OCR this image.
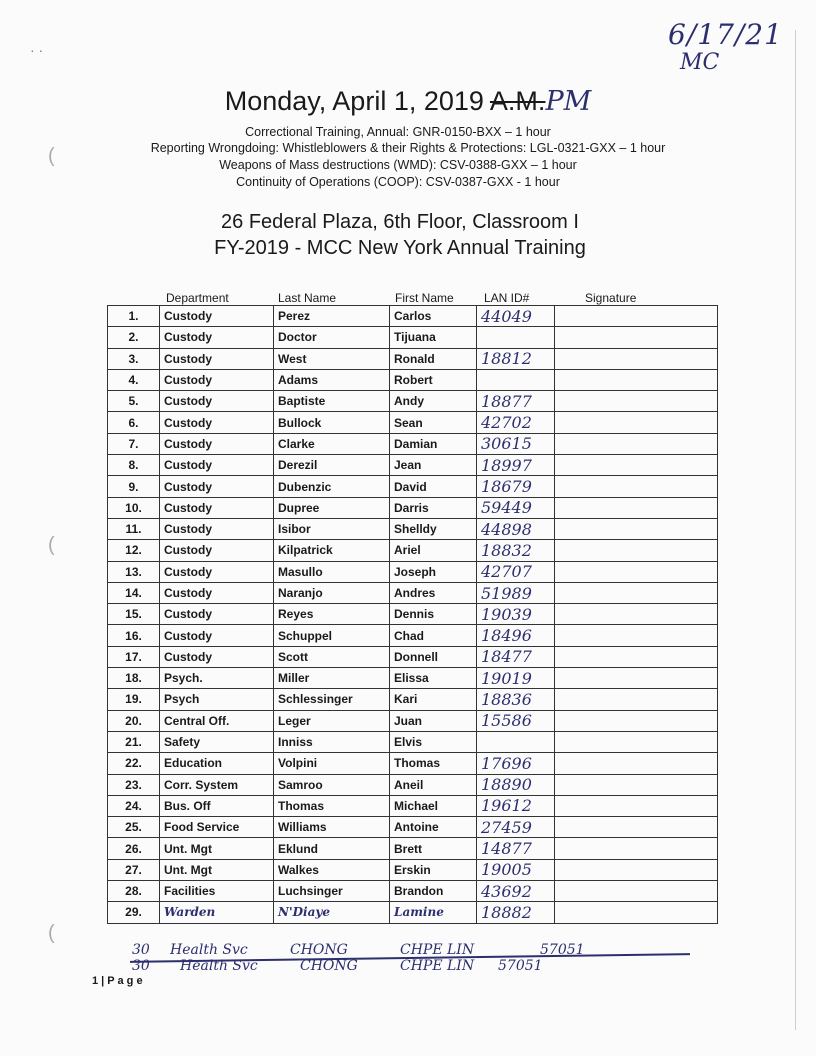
· ·	6/17/21
MC
Monday, April 1, 2019 A.M.PM
Correctional Training, Annual: GNR-0150-BXX – 1 hour
Reporting Wrongdoing: Whistleblowers & their Rights & Protections: LGL-0321-GXX – 1 hour
Weapons of Mass destructions (WMD): CSV-0388-GXX – 1 hour
Continuity of Operations (COOP): CSV-0387-GXX - 1 hour
26 Federal Plaza, 6th Floor, Classroom I
FY-2019 - MCC New York Annual Training
Department	Last Name	First Name	LAN ID#	Signature
1.	Custody	Perez	Carlos	44049	
2.	Custody	Doctor	Tijuana		
3.	Custody	West	Ronald	18812	
4.	Custody	Adams	Robert		
5.	Custody	Baptiste	Andy	18877	
6.	Custody	Bullock	Sean	42702	
7.	Custody	Clarke	Damian	30615	
8.	Custody	Derezil	Jean	18997	
9.	Custody	Dubenzic	David	18679	
10.	Custody	Dupree	Darris	59449	
11.	Custody	Isibor	Shelldy	44898	
12.	Custody	Kilpatrick	Ariel	18832	
13.	Custody	Masullo	Joseph	42707	
14.	Custody	Naranjo	Andres	51989	
15.	Custody	Reyes	Dennis	19039	
16.	Custody	Schuppel	Chad	18496	
17.	Custody	Scott	Donnell	18477	
18.	Psych.	Miller	Elissa	19019	
19.	Psych	Schlessinger	Kari	18836	
20.	Central Off.	Leger	Juan	15586	
21.	Safety	Inniss	Elvis		
22.	Education	Volpini	Thomas	17696	
23.	Corr. System	Samroo	Aneil	18890	
24.	Bus. Off	Thomas	Michael	19612	
25.	Food Service	Williams	Antoine	27459	
26.	Unt. Mgt	Eklund	Brett	14877	
27.	Unt. Mgt	Walkes	Erskin	19005	
28.	Facilities	Luchsinger	Brandon	43692	
29.	Warden	N'Diaye	Lamine	18882	
30 Health Svc	CHONG	CHPE LIN	57051
30 Health Svc	CHONG	CHPE LIN 57051
1 | P a g e
(
(
(
